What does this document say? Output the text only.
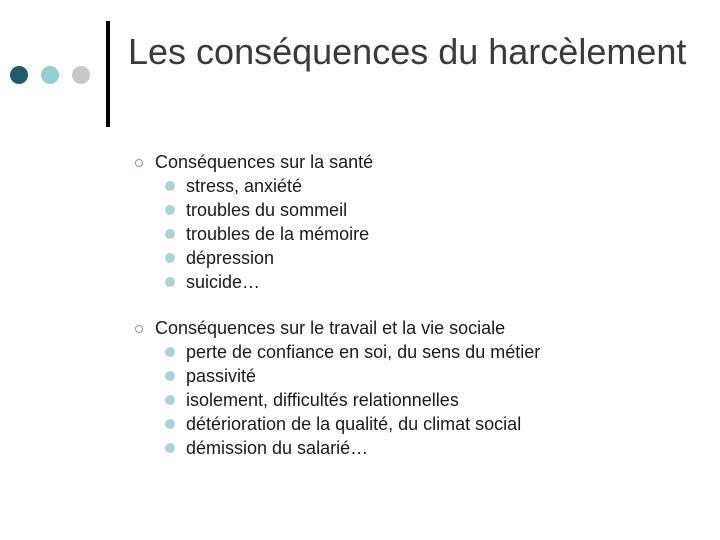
Les conséquences du harcèlement
Conséquences sur la santé
stress, anxiété
troubles du sommeil
troubles de la mémoire
dépression
suicide…
Conséquences sur le travail et la vie sociale
perte de confiance en soi, du sens du métier
passivité
isolement, difficultés relationnelles
détérioration de la qualité, du climat social
démission du salarié…
